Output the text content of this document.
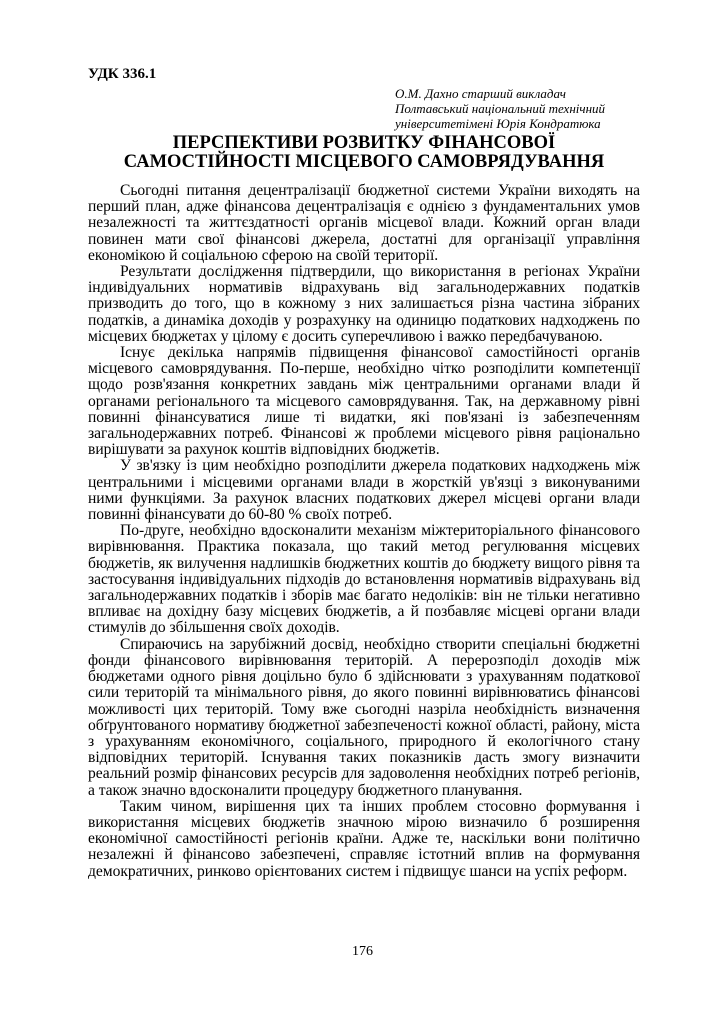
УДК 336.1

О.М. Дахно старший викладач
Полтавський національний технічний
університетімені Юрія Кондратюка
ПЕРСПЕКТИВИ РОЗВИТКУ ФІНАНСОВОЇ
САМОСТІЙНОСТІ МІСЦЕВОГО САМОВРЯДУВАННЯ

Сьогодні питання децентралізації бюджетної системи України виходять на перший план, адже фінансова децентралізація є однією з фундаментальних умов незалежності та життєздатності органів місцевої влади. Кожний орган влади повинен мати свої фінансові джерела, достатні для організації управління економікою й соціальною сферою на своїй території.

Результати дослідження підтвердили, що використання в регіонах України індивідуальних нормативів відрахувань від загальнодержавних податків призводить до того, що в кожному з них залишається різна частина зібраних податків, а динаміка доходів у розрахунку на одиницю податкових надходжень по місцевих бюджетах у цілому є досить суперечливою і важко передбачуваною.

Існує декілька напрямів підвищення фінансової самостійності органів місцевого самоврядування. По-перше, необхідно чітко розподілити компетенції щодо розв'язання конкретних завдань між центральними органами влади й органами регіонального та місцевого самоврядування. Так, на державному рівні повинні фінансуватися лише ті видатки, які пов'язані із забезпеченням загальнодержавних потреб. Фінансові ж проблеми місцевого рівня раціонально вирішувати за рахунок коштів відповідних бюджетів.

У зв'язку із цим необхідно розподілити джерела податкових надходжень між центральними і місцевими органами влади в жорсткій ув'язці з виконуваними ними функціями. За рахунок власних податкових джерел місцеві органи влади повинні фінансувати до 60-80 % своїх потреб.

По-друге, необхідно вдосконалити механізм міжтериторіального фінансового вирівнювання. Практика показала, що такий метод регулювання місцевих бюджетів, як вилучення надлишків бюджетних коштів до бюджету вищого рівня та застосування індивідуальних підходів до встановлення нормативів відрахувань від загальнодержавних податків і зборів має багато недоліків: він не тільки негативно впливає на дохідну базу місцевих бюджетів, а й позбавляє місцеві органи влади стимулів до збільшення своїх доходів.

Спираючись на зарубіжний досвід, необхідно створити спеціальні бюджетні фонди фінансового вирівнювання територій. А перерозподіл доходів між бюджетами одного рівня доцільно було б здійснювати з урахуванням податкової сили територій та мінімального рівня, до якого повинні вирівнюватись фінансові можливості цих територій. Тому вже сьогодні назріла необхідність визначення обґрунтованого нормативу бюджетної забезпеченості кожної області, району, міста з урахуванням економічного, соціального, природного й екологічного стану відповідних територій. Існування таких показників дасть змогу визначити реальний розмір фінансових ресурсів для задоволення необхідних потреб регіонів, а також значно вдосконалити процедуру бюджетного планування.

Таким чином, вирішення цих та інших проблем стосовно формування і використання місцевих бюджетів значною мірою визначило б розширення економічної самостійності регіонів країни. Адже те, наскільки вони політично незалежні й фінансово забезпечені, справляє істотний вплив на формування демократичних, ринково орієнтованих систем і підвищує шанси на успіх реформ.

176
